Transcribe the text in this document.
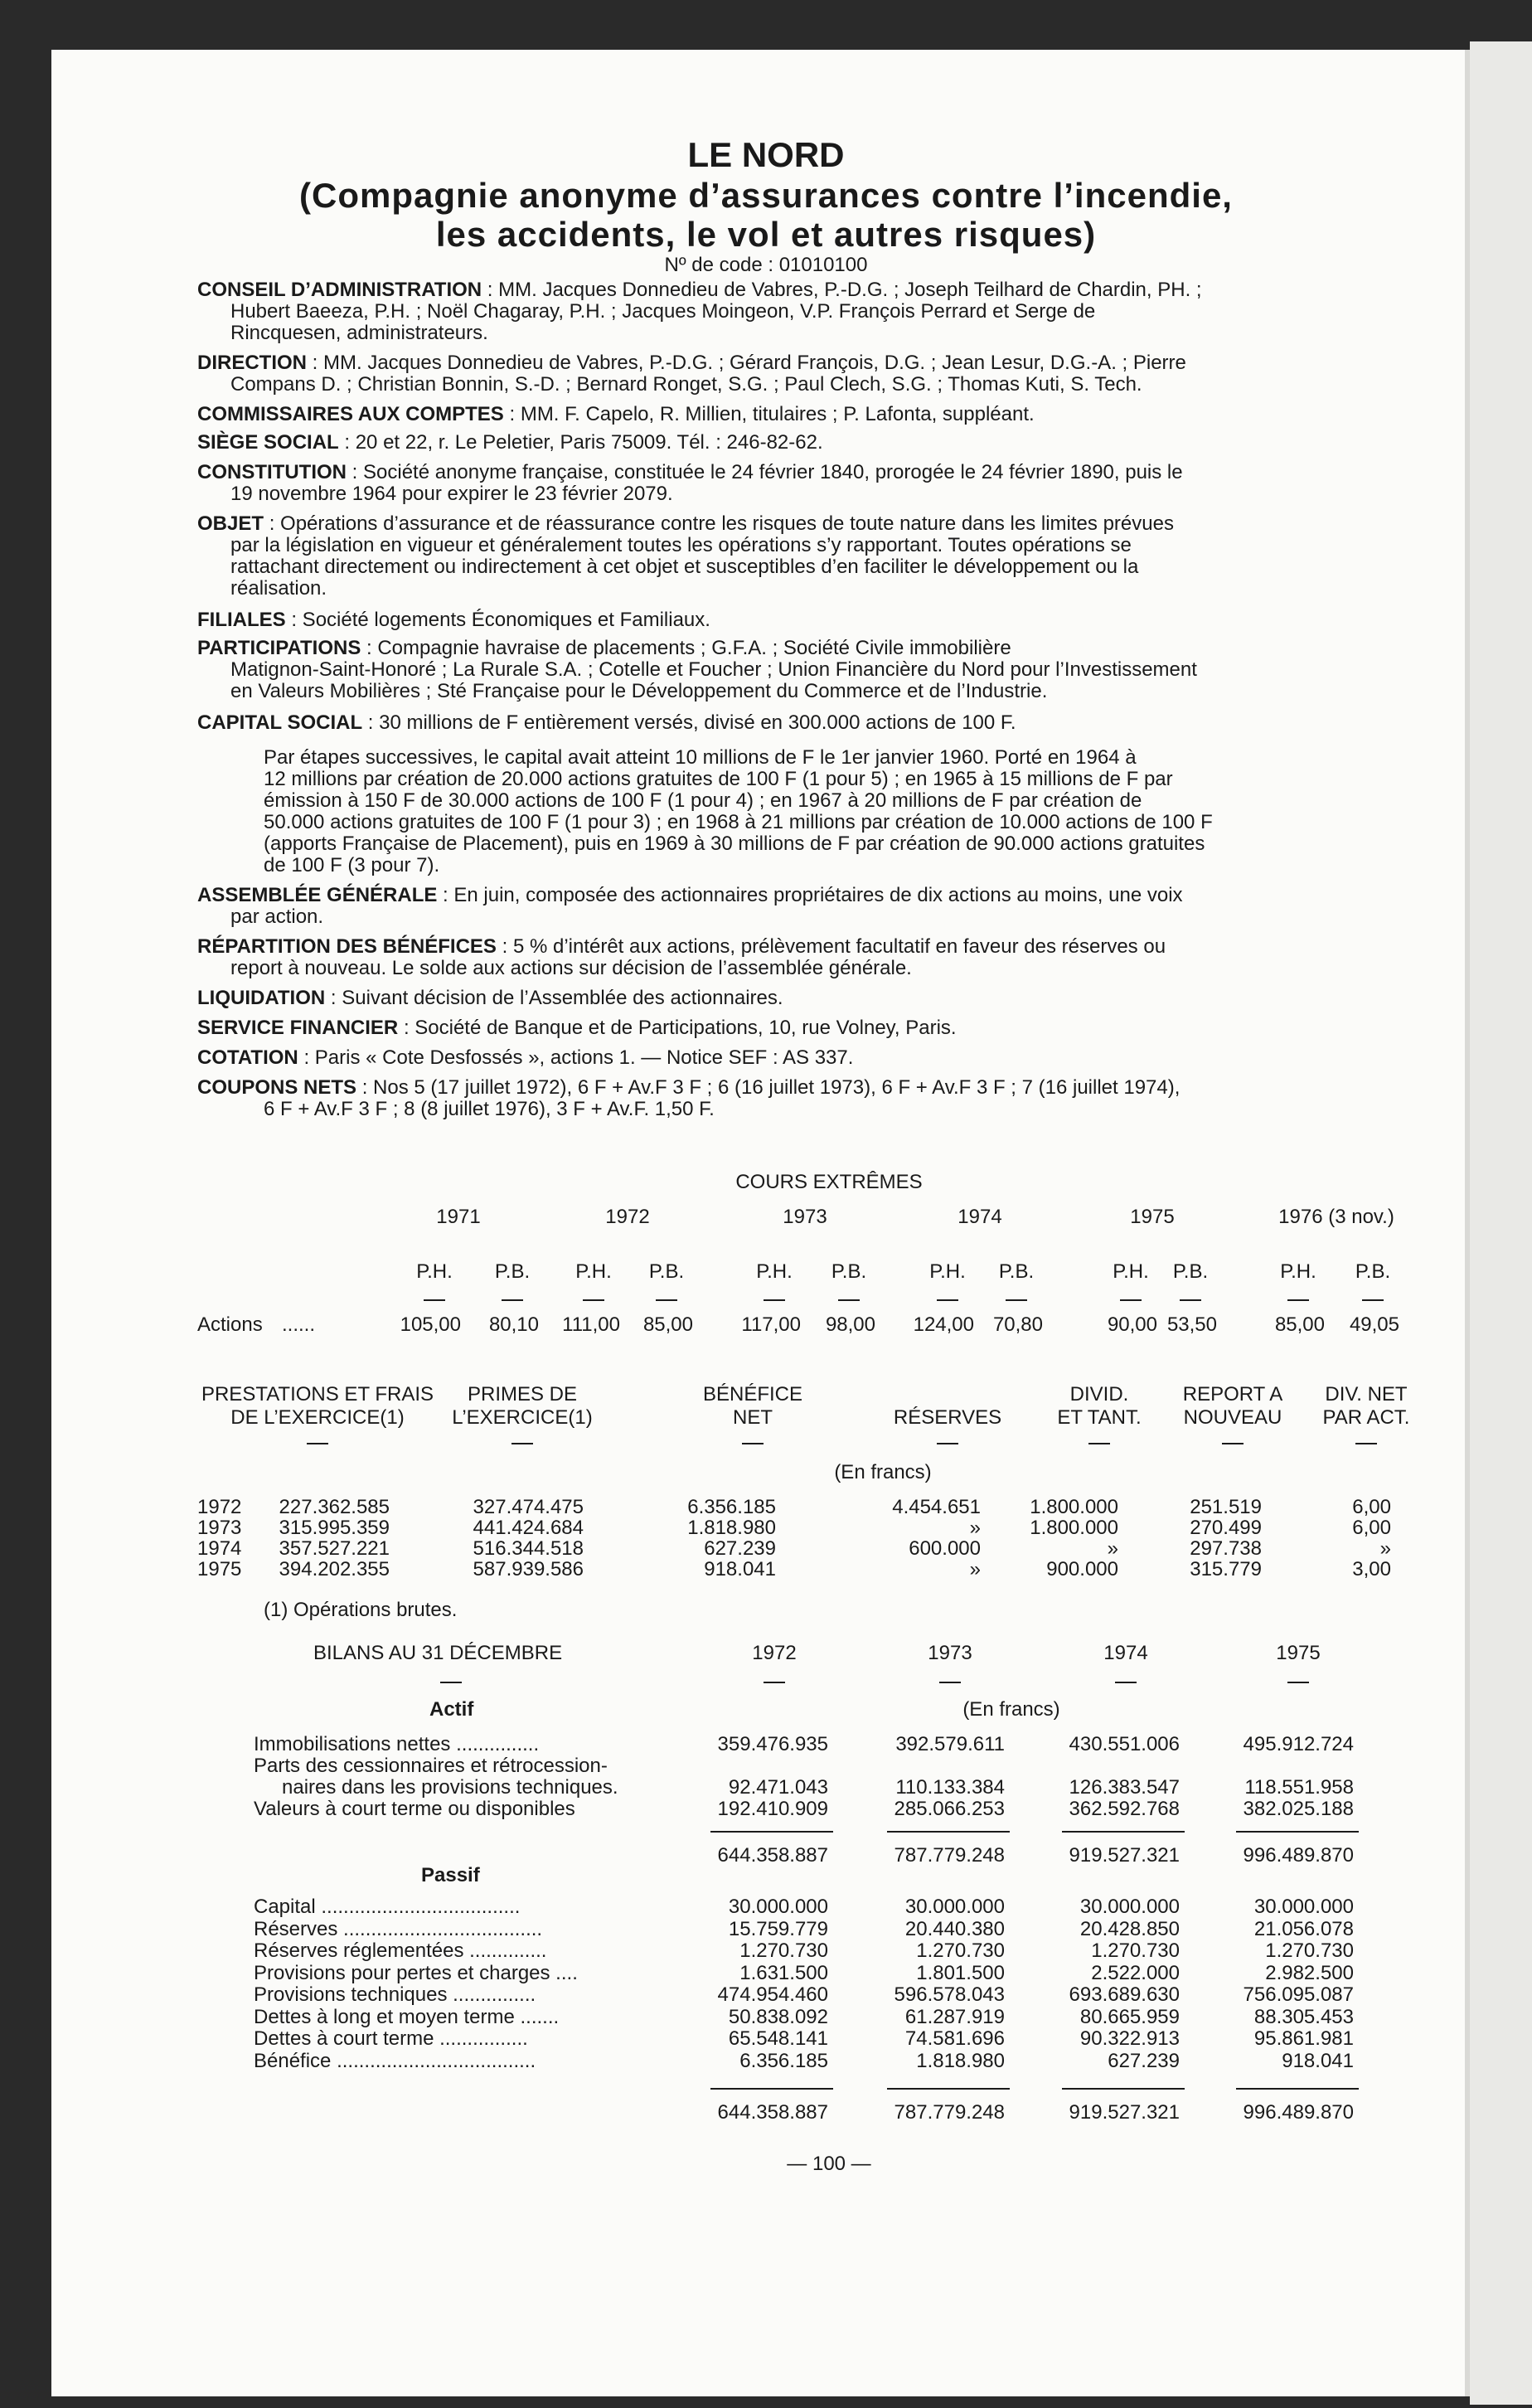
LE NORD
(Compagnie anonyme d’assurances contre l’incendie,
les accidents, le vol et autres risques)
Nº de code : 01010100
CONSEIL D’ADMINISTRATION : MM. Jacques Donnedieu de Vabres, P.-D.G. ; Joseph Teilhard de Chardin, PH. ;
Hubert Baeeza, P.H. ; Noël Chagaray, P.H. ; Jacques Moingeon, V.P. François Perrard et Serge de
Rincquesen, administrateurs.
DIRECTION : MM. Jacques Donnedieu de Vabres, P.-D.G. ; Gérard François, D.G. ; Jean Lesur, D.G.-A. ; Pierre
Compans D. ; Christian Bonnin, S.-D. ; Bernard Ronget, S.G. ; Paul Clech, S.G. ; Thomas Kuti, S. Tech.
COMMISSAIRES AUX COMPTES : MM. F. Capelo, R. Millien, titulaires ; P. Lafonta, suppléant.
SIÈGE SOCIAL : 20 et 22, r. Le Peletier, Paris 75009. Tél. : 246-82-62.
CONSTITUTION : Société anonyme française, constituée le 24 février 1840, prorogée le 24 février 1890, puis le
19 novembre 1964 pour expirer le 23 février 2079.
OBJET : Opérations d’assurance et de réassurance contre les risques de toute nature dans les limites prévues
par la législation en vigueur et généralement toutes les opérations s’y rapportant. Toutes opérations se
rattachant directement ou indirectement à cet objet et susceptibles d’en faciliter le développement ou la
réalisation.
FILIALES : Société logements Économiques et Familiaux.
PARTICIPATIONS : Compagnie havraise de placements ; G.F.A. ; Société Civile immobilière
Matignon-Saint-Honoré ; La Rurale S.A. ; Cotelle et Foucher ; Union Financière du Nord pour l’Investissement
en Valeurs Mobilières ; Sté Française pour le Développement du Commerce et de l’Industrie.
CAPITAL SOCIAL : 30 millions de F entièrement versés, divisé en 300.000 actions de 100 F.
Par étapes successives, le capital avait atteint 10 millions de F le 1er janvier 1960. Porté en 1964 à
12 millions par création de 20.000 actions gratuites de 100 F (1 pour 5) ; en 1965 à 15 millions de F par
émission à 150 F de 30.000 actions de 100 F (1 pour 4) ; en 1967 à 20 millions de F par création de
50.000 actions gratuites de 100 F (1 pour 3) ; en 1968 à 21 millions par création de 10.000 actions de 100 F
(apports Française de Placement), puis en 1969 à 30 millions de F par création de 90.000 actions gratuites
de 100 F (3 pour 7).
ASSEMBLÉE GÉNÉRALE : En juin, composée des actionnaires propriétaires de dix actions au moins, une voix
par action.
RÉPARTITION DES BÉNÉFICES : 5 % d’intérêt aux actions, prélèvement facultatif en faveur des réserves ou
report à nouveau. Le solde aux actions sur décision de l’assemblée générale.
LIQUIDATION : Suivant décision de l’Assemblée des actionnaires.
SERVICE FINANCIER : Société de Banque et de Participations, 10, rue Volney, Paris.
COTATION : Paris « Cote Desfossés », actions 1. — Notice SEF : AS 337.
COUPONS NETS : Nos 5 (17 juillet 1972), 6 F + Av.F 3 F ; 6 (16 juillet 1973), 6 F + Av.F 3 F ; 7 (16 juillet 1974),
6 F + Av.F 3 F ; 8 (8 juillet 1976), 3 F + Av.F. 1,50 F.
COURS EXTRÊMES
1971	1972	1973	1974	1975	1976 (3 nov.)
P.H.	P.B.	P.H.	P.B.	P.H.	P.B.	P.H.	P.B.	P.H.	P.B.	P.H.	P.B.
Actions ......	105,00	80,10	111,00	85,00	117,00	98,00	124,00 70,80	90,00 53,50	85,00	49,05
PRESTATIONS ET FRAIS
DE L’EXERCICE(1)
PRIMES DE
L’EXERCICE(1)
BÉNÉFICE
NET	RÉSERVES
DIVID.
ET TANT.
REPORT A
NOUVEAU
DIV. NET
PAR ACT.
(En francs)
1972	227.362.585	327.474.475	6.356.185	4.454.651	1.800.000	251.519	6,00
1973	315.995.359	441.424.684	1.818.980	»	1.800.000	270.499	6,00
1974	357.527.221	516.344.518	627.239	600.000	»	297.738	»
1975	394.202.355	587.939.586	918.041	»	900.000	315.779	3,00
(1) Opérations brutes.
BILANS AU 31 DÉCEMBRE	1972	1973	1974	1975
Actif	(En francs)
Immobilisations nettes ...............	359.476.935	392.579.611	430.551.006	495.912.724
Parts des cessionnaires et rétrocession-
naires dans les provisions techniques.	92.471.043	110.133.384	126.383.547	118.551.958
Valeurs à court terme ou disponibles	192.410.909	285.066.253	362.592.768	382.025.188
644.358.887	787.779.248	919.527.321	996.489.870
Passif
Capital ....................................	30.000.000	30.000.000	30.000.000	30.000.000
Réserves ....................................	15.759.779	20.440.380	20.428.850	21.056.078
Réserves réglementées ..............	1.270.730	1.270.730	1.270.730	1.270.730
Provisions pour pertes et charges ....	1.631.500	1.801.500	2.522.000	2.982.500
Provisions techniques ...............	474.954.460	596.578.043	693.689.630	756.095.087
Dettes à long et moyen terme .......	50.838.092	61.287.919	80.665.959	88.305.453
Dettes à court terme ................	65.548.141	74.581.696	90.322.913	95.861.981
Bénéfice ....................................	6.356.185	1.818.980	627.239	918.041
644.358.887	787.779.248	919.527.321	996.489.870
— 100 —
